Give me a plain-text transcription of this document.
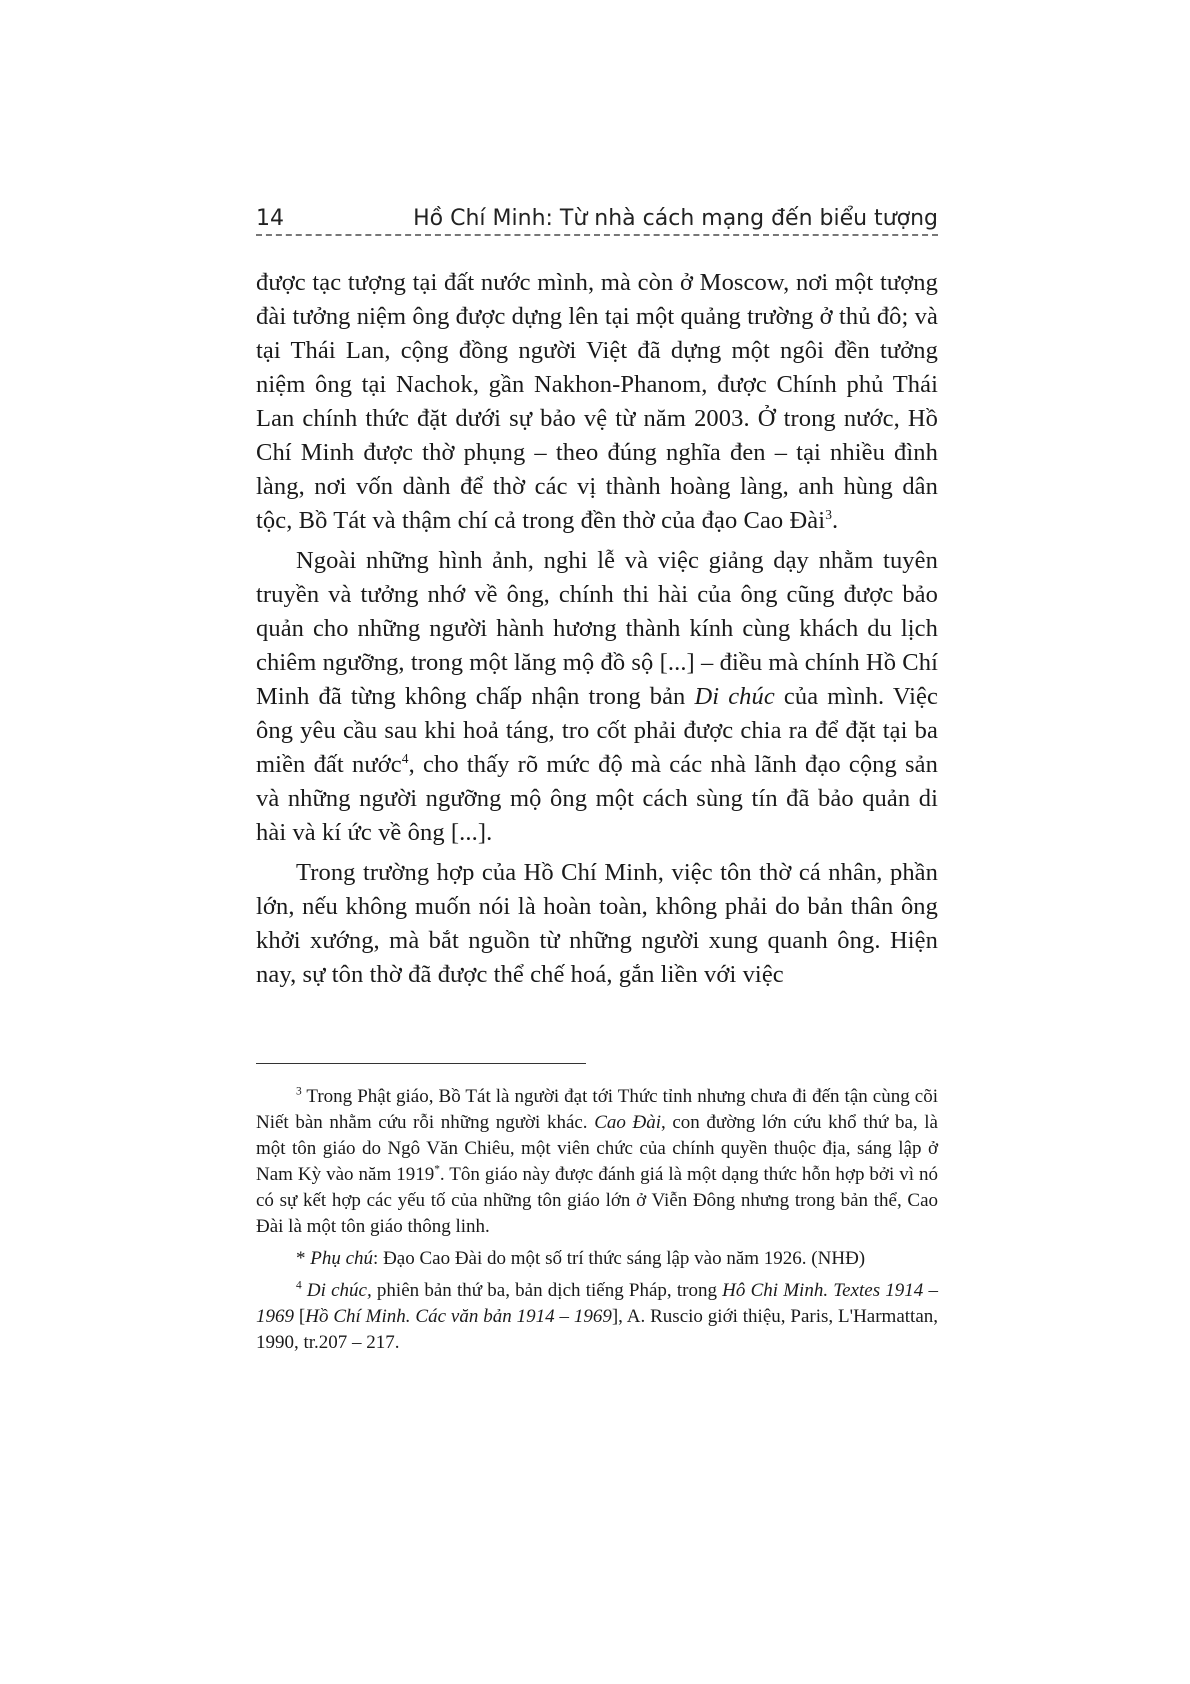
14	Hồ Chí Minh: Từ nhà cách mạng đến biểu tượng

được tạc tượng tại đất nước mình, mà còn ở Moscow, nơi một tượng đài tưởng niệm ông được dựng lên tại một quảng trường ở thủ đô; và tại Thái Lan, cộng đồng người Việt đã dựng một ngôi đền tưởng niệm ông tại Nachok, gần Nakhon-Phanom, được Chính phủ Thái Lan chính thức đặt dưới sự bảo vệ từ năm 2003. Ở trong nước, Hồ Chí Minh được thờ phụng – theo đúng nghĩa đen – tại nhiều đình làng, nơi vốn dành để thờ các vị thành hoàng làng, anh hùng dân tộc, Bồ Tát và thậm chí cả trong đền thờ của đạo Cao Đài$^3$.

Ngoài những hình ảnh, nghi lễ và việc giảng dạy nhằm tuyên truyền và tưởng nhớ về ông, chính thi hài của ông cũng được bảo quản cho những người hành hương thành kính cùng khách du lịch chiêm ngưỡng, trong một lăng mộ đồ sộ [...] – điều mà chính Hồ Chí Minh đã từng không chấp nhận trong bản Di chúc của mình. Việc ông yêu cầu sau khi hoả táng, tro cốt phải được chia ra để đặt tại ba miền đất nước$^4$, cho thấy rõ mức độ mà các nhà lãnh đạo cộng sản và những người ngưỡng mộ ông một cách sùng tín đã bảo quản di hài và kí ức về ông [...].

Trong trường hợp của Hồ Chí Minh, việc tôn thờ cá nhân, phần lớn, nếu không muốn nói là hoàn toàn, không phải do bản thân ông khởi xướng, mà bắt nguồn từ những người xung quanh ông. Hiện nay, sự tôn thờ đã được thể chế hoá, gắn liền với việc

$^3$ Trong Phật giáo, Bồ Tát là người đạt tới Thức tỉnh nhưng chưa đi đến tận cùng cõi Niết bàn nhằm cứu rỗi những người khác. Cao Đài, con đường lớn cứu khổ thứ ba, là một tôn giáo do Ngô Văn Chiêu, một viên chức của chính quyền thuộc địa, sáng lập ở Nam Kỳ vào năm 1919*. Tôn giáo này được đánh giá là một dạng thức hỗn hợp bởi vì nó có sự kết hợp các yếu tố của những tôn giáo lớn ở Viễn Đông nhưng trong bản thể, Cao Đài là một tôn giáo thông linh.

* Phụ chú: Đạo Cao Đài do một số trí thức sáng lập vào năm 1926. (NHĐ)

$^4$ Di chúc, phiên bản thứ ba, bản dịch tiếng Pháp, trong Hô Chi Minh. Textes 1914 – 1969 [Hồ Chí Minh. Các văn bản 1914 – 1969], A. Ruscio giới thiệu, Paris, L'Harmattan, 1990, tr.207 – 217.
